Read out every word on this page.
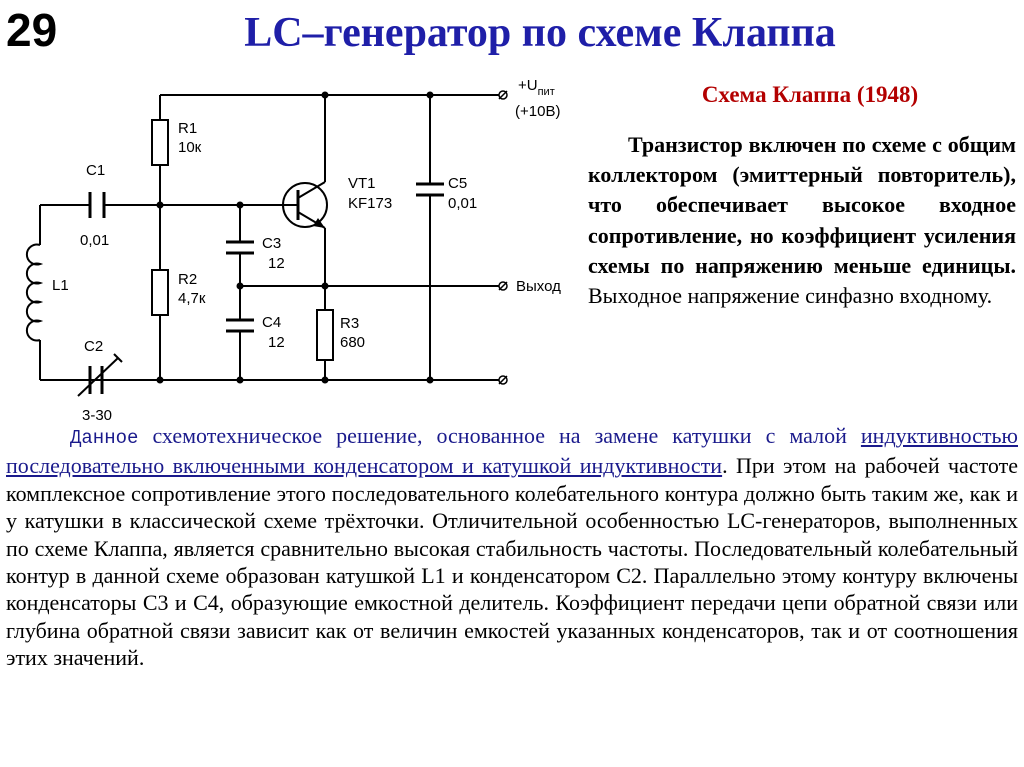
29	LC–генератор по схеме Клаппа
R1
10к
R2
4,7к
R3
680
C1
0,01
C2
3-30
C3
12
C4
12
C5
0,01
L1
VT1
KF173
$+U_{пит}$
(+10В)
Выход
Схема Клаппа (1948)
Транзистор включен по схеме с общим коллектором (эмиттерный повторитель), что обеспечивает высокое входное сопротивление, но коэффициент усиления схемы по напряжению меньше единицы. Выходное напряжение синфазно входному.
Данное схемотехническое решение, основанное на замене катушки с малой индуктивностью последовательно включенными конденсатором и катушкой индуктивности. При этом на рабочей частоте комплексное сопротивление этого последовательного колебательного контура должно быть таким же, как и у катушки в классической схеме трёхточки. Отличительной особенностью LC-генераторов, выполненных по схеме Клаппа, является сравнительно высокая стабильность частоты. Последовательный колебательный контур в данной схеме образован катушкой L1 и конденсатором C2. Параллельно этому контуру включены конденсаторы C3 и C4, образующие емкостной делитель. Коэффициент передачи цепи обратной связи или глубина обратной связи зависит как от величин емкостей указанных конденсаторов, так и от соотношения этих значений.
